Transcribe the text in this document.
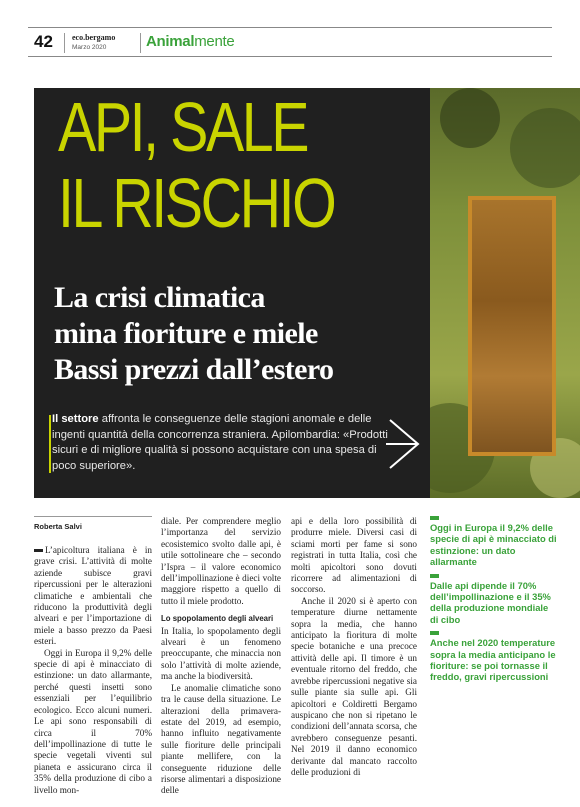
42 eco.bergamo
Marzo 2020	Animalmente
API, SALE
IL RISCHIO
La crisi climatica
mina fioriture e miele
Bassi prezzi dall’estero
Il settore affronta le conseguenze delle stagioni anomale e delle ingenti quantità della concorrenza straniera. Apilombardia: «Prodotti sicuri e di migliore qualità si possono acquistare con una spesa di poco superiore».
Roberta Salvi

L’apicoltura italiana è in grave crisi. L’attività di molte aziende subisce gravi ripercussioni per le alterazioni climatiche e ambientali che riducono la produttività degli alveari e per l’importazione di miele a basso prezzo da Paesi esteri.

Oggi in Europa il 9,2% delle specie di api è minacciato di estinzione: un dato allarmante, perché questi insetti sono essenziali per l’equilibrio ecologico. Ecco alcuni numeri. Le api sono responsabili di circa il 70% dell’impollinazione di tutte le specie vegetali viventi sul pianeta e assicurano circa il 35% della produzione di cibo a livello mon-

diale. Per comprendere meglio l’importanza del servizio ecosistemico svolto dalle api, è utile sottolineare che – secondo l’Ispra – il valore economico dell’impollinazione è dieci volte maggiore rispetto a quello di tutto il miele prodotto.

Lo spopolamento degli alveari

In Italia, lo spopolamento degli alveari è un fenomeno preoccupante, che minaccia non solo l’attività di molte aziende, ma anche la biodiversità.

Le anomalie climatiche sono tra le cause della situazione. Le alterazioni della primavera-estate del 2019, ad esempio, hanno influito negativamente sulle fioriture delle principali piante mellifere, con la conseguente riduzione delle risorse alimentari a disposizione delle

api e della loro possibilità di produrre miele. Diversi casi di sciami morti per fame si sono registrati in tutta Italia, così che molti apicoltori sono dovuti ricorrere ad alimentazioni di soccorso.

Anche il 2020 si è aperto con temperature diurne nettamente sopra la media, che hanno anticipato la fioritura di molte specie botaniche e una precoce attività delle api. Il timore è un eventuale ritorno del freddo, che avrebbe ripercussioni negative sia sulle piante sia sulle api. Gli apicoltori e Coldiretti Bergamo auspicano che non si ripetano le condizioni dell’annata scorsa, che avrebbero conseguenze pesanti. Nel 2019 il danno economico derivante dal mancato raccolto delle produzioni di

Oggi in Europa il 9,2% delle specie di api è minacciato di estinzione: un dato allarmante
Dalle api dipende il 70% dell’impollinazione e il 35% della produzione mondiale di cibo
Anche nel 2020 temperature sopra la media anticipano le fioriture: se poi tornasse il freddo, gravi ripercussioni
